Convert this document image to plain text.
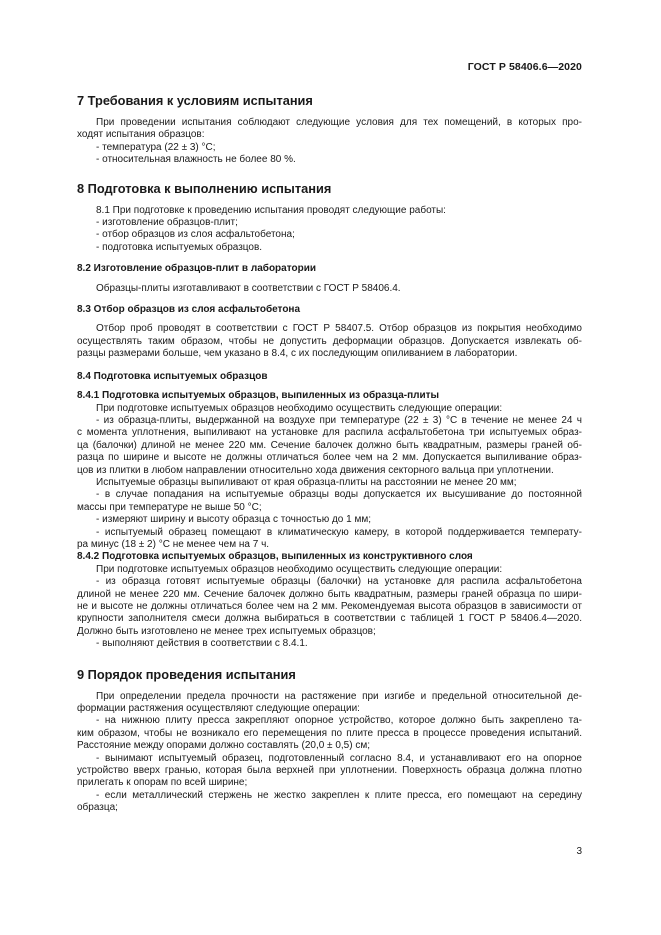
ГОСТ Р 58406.6—2020
7 Требования к условиям испытания
При проведении испытания соблюдают следующие условия для тех помещений, в которых про-
ходят испытания образцов:
- температура (22 ± 3) °С;
- относительная влажность не более 80 %.
8 Подготовка к выполнению испытания
8.1 При подготовке к проведению испытания проводят следующие работы:
- изготовление образцов-плит;
- отбор образцов из слоя асфальтобетона;
- подготовка испытуемых образцов.
8.2 Изготовление образцов-плит в лаборатории
Образцы-плиты изготавливают в соответствии с ГОСТ Р 58406.4.
8.3 Отбор образцов из слоя асфальтобетона
Отбор проб проводят в соответствии с ГОСТ Р 58407.5. Отбор образцов из покрытия необходимо
осуществлять таким образом, чтобы не допустить деформации образцов. Допускается извлекать об-
разцы размерами больше, чем указано в 8.4, с их последующим опиливанием в лаборатории.
8.4 Подготовка испытуемых образцов
8.4.1 Подготовка испытуемых образцов, выпиленных из образца-плиты
При подготовке испытуемых образцов необходимо осуществить следующие операции:
- из образца-плиты, выдержанной на воздухе при температуре (22 ± 3) °С в течение не менее 24 ч
с момента уплотнения, выпиливают на установке для распила асфальтобетона три испытуемых образ-
ца (балочки) длиной не менее 220 мм. Сечение балочек должно быть квадратным, размеры граней об-
разца по ширине и высоте не должны отличаться более чем на 2 мм. Допускается выпиливание образ-
цов из плитки в любом направлении относительно хода движения секторного вальца при уплотнении.
Испытуемые образцы выпиливают от края образца-плиты на расстоянии не менее 20 мм;
- в случае попадания на испытуемые образцы воды допускается их высушивание до постоянной
массы при температуре не выше 50 °С;
- измеряют ширину и высоту образца с точностью до 1 мм;
- испытуемый образец помещают в климатическую камеру, в которой поддерживается температу-
ра минус (18 ± 2) °С не менее чем на 7 ч.
8.4.2 Подготовка испытуемых образцов, выпиленных из конструктивного слоя
При подготовке испытуемых образцов необходимо осуществить следующие операции:
- из образца готовят испытуемые образцы (балочки) на установке для распила асфальтобетона
длиной не менее 220 мм. Сечение балочек должно быть квадратным, размеры граней образца по шири-
не и высоте не должны отличаться более чем на 2 мм. Рекомендуемая высота образцов в зависимости от
крупности заполнителя смеси должна выбираться в соответствии с таблицей 1 ГОСТ Р 58406.4—2020.
Должно быть изготовлено не менее трех испытуемых образцов;
- выполняют действия в соответствии с 8.4.1.
9 Порядок проведения испытания
При определении предела прочности на растяжение при изгибе и предельной относительной де-
формации растяжения осуществляют следующие операции:
- на нижнюю плиту пресса закрепляют опорное устройство, которое должно быть закреплено та-
ким образом, чтобы не возникало его перемещения по плите пресса в процессе проведения испытаний.
Расстояние между опорами должно составлять (20,0 ± 0,5) см;
- вынимают испытуемый образец, подготовленный согласно 8.4, и устанавливают его на опорное
устройство вверх гранью, которая была верхней при уплотнении. Поверхность образца должна плотно
прилегать к опорам по всей ширине;
- если металлический стержень не жестко закреплен к плите пресса, его помещают на середину
образца;
3
